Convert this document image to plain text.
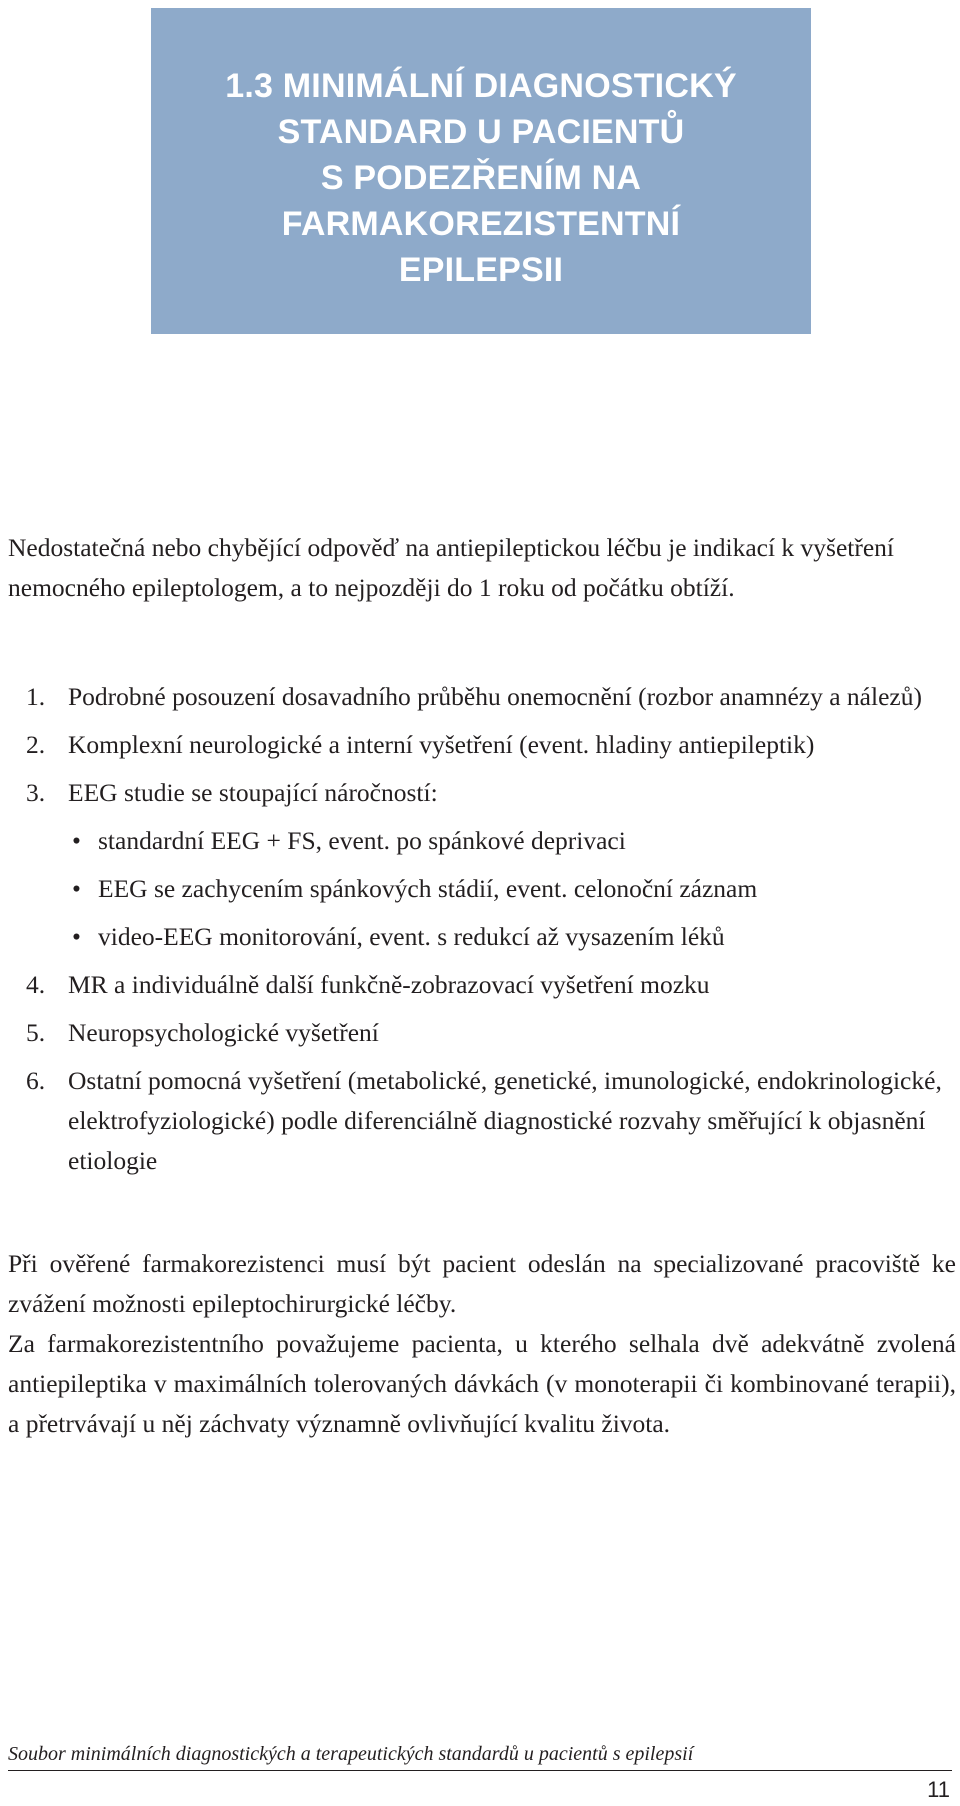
1.3 MINIMÁLNÍ DIAGNOSTICKÝ
STANDARD U PACIENTŮ
S PODEZŘENÍM NA
FARMAKOREZISTENTNÍ
EPILEPSII

Nedostatečná nebo chybějící odpověď na antiepileptickou léčbu je indikací k vyšetření nemocného epileptologem, a to nejpozději do 1 roku od počátku obtíží.

1. Podrobné posouzení dosavadního průběhu onemocnění (rozbor anamnézy a nálezů)
2. Komplexní neurologické a interní vyšetření (event. hladiny antiepileptik)
3. EEG studie se stoupající náročností:
• standardní EEG + FS, event. po spánkové deprivaci
• EEG se zachycením spánkových stádií, event. celonoční záznam
• video-EEG monitorování, event. s redukcí až vysazením léků
4. MR a individuálně další funkčně-zobrazovací vyšetření mozku
5. Neuropsychologické vyšetření
6. Ostatní pomocná vyšetření (metabolické, genetické, imunologické, endokrinologické, elektrofyziologické) podle diferenciálně diagnostické rozvahy směřující k objasnění etiologie

Při ověřené farmakorezistenci musí být pacient odeslán na specializované pracoviště ke zvážení možnosti epileptochirurgické léčby.

Za farmakorezistentního považujeme pacienta, u kterého selhala dvě adekvátně zvolená antiepileptika v maximálních tolerovaných dávkách (v monoterapii či kombinované terapii), a přetrvávají u něj záchvaty významně ovlivňující kvalitu života.

Soubor minimálních diagnostických a terapeutických standardů u pacientů s epilepsií
11
